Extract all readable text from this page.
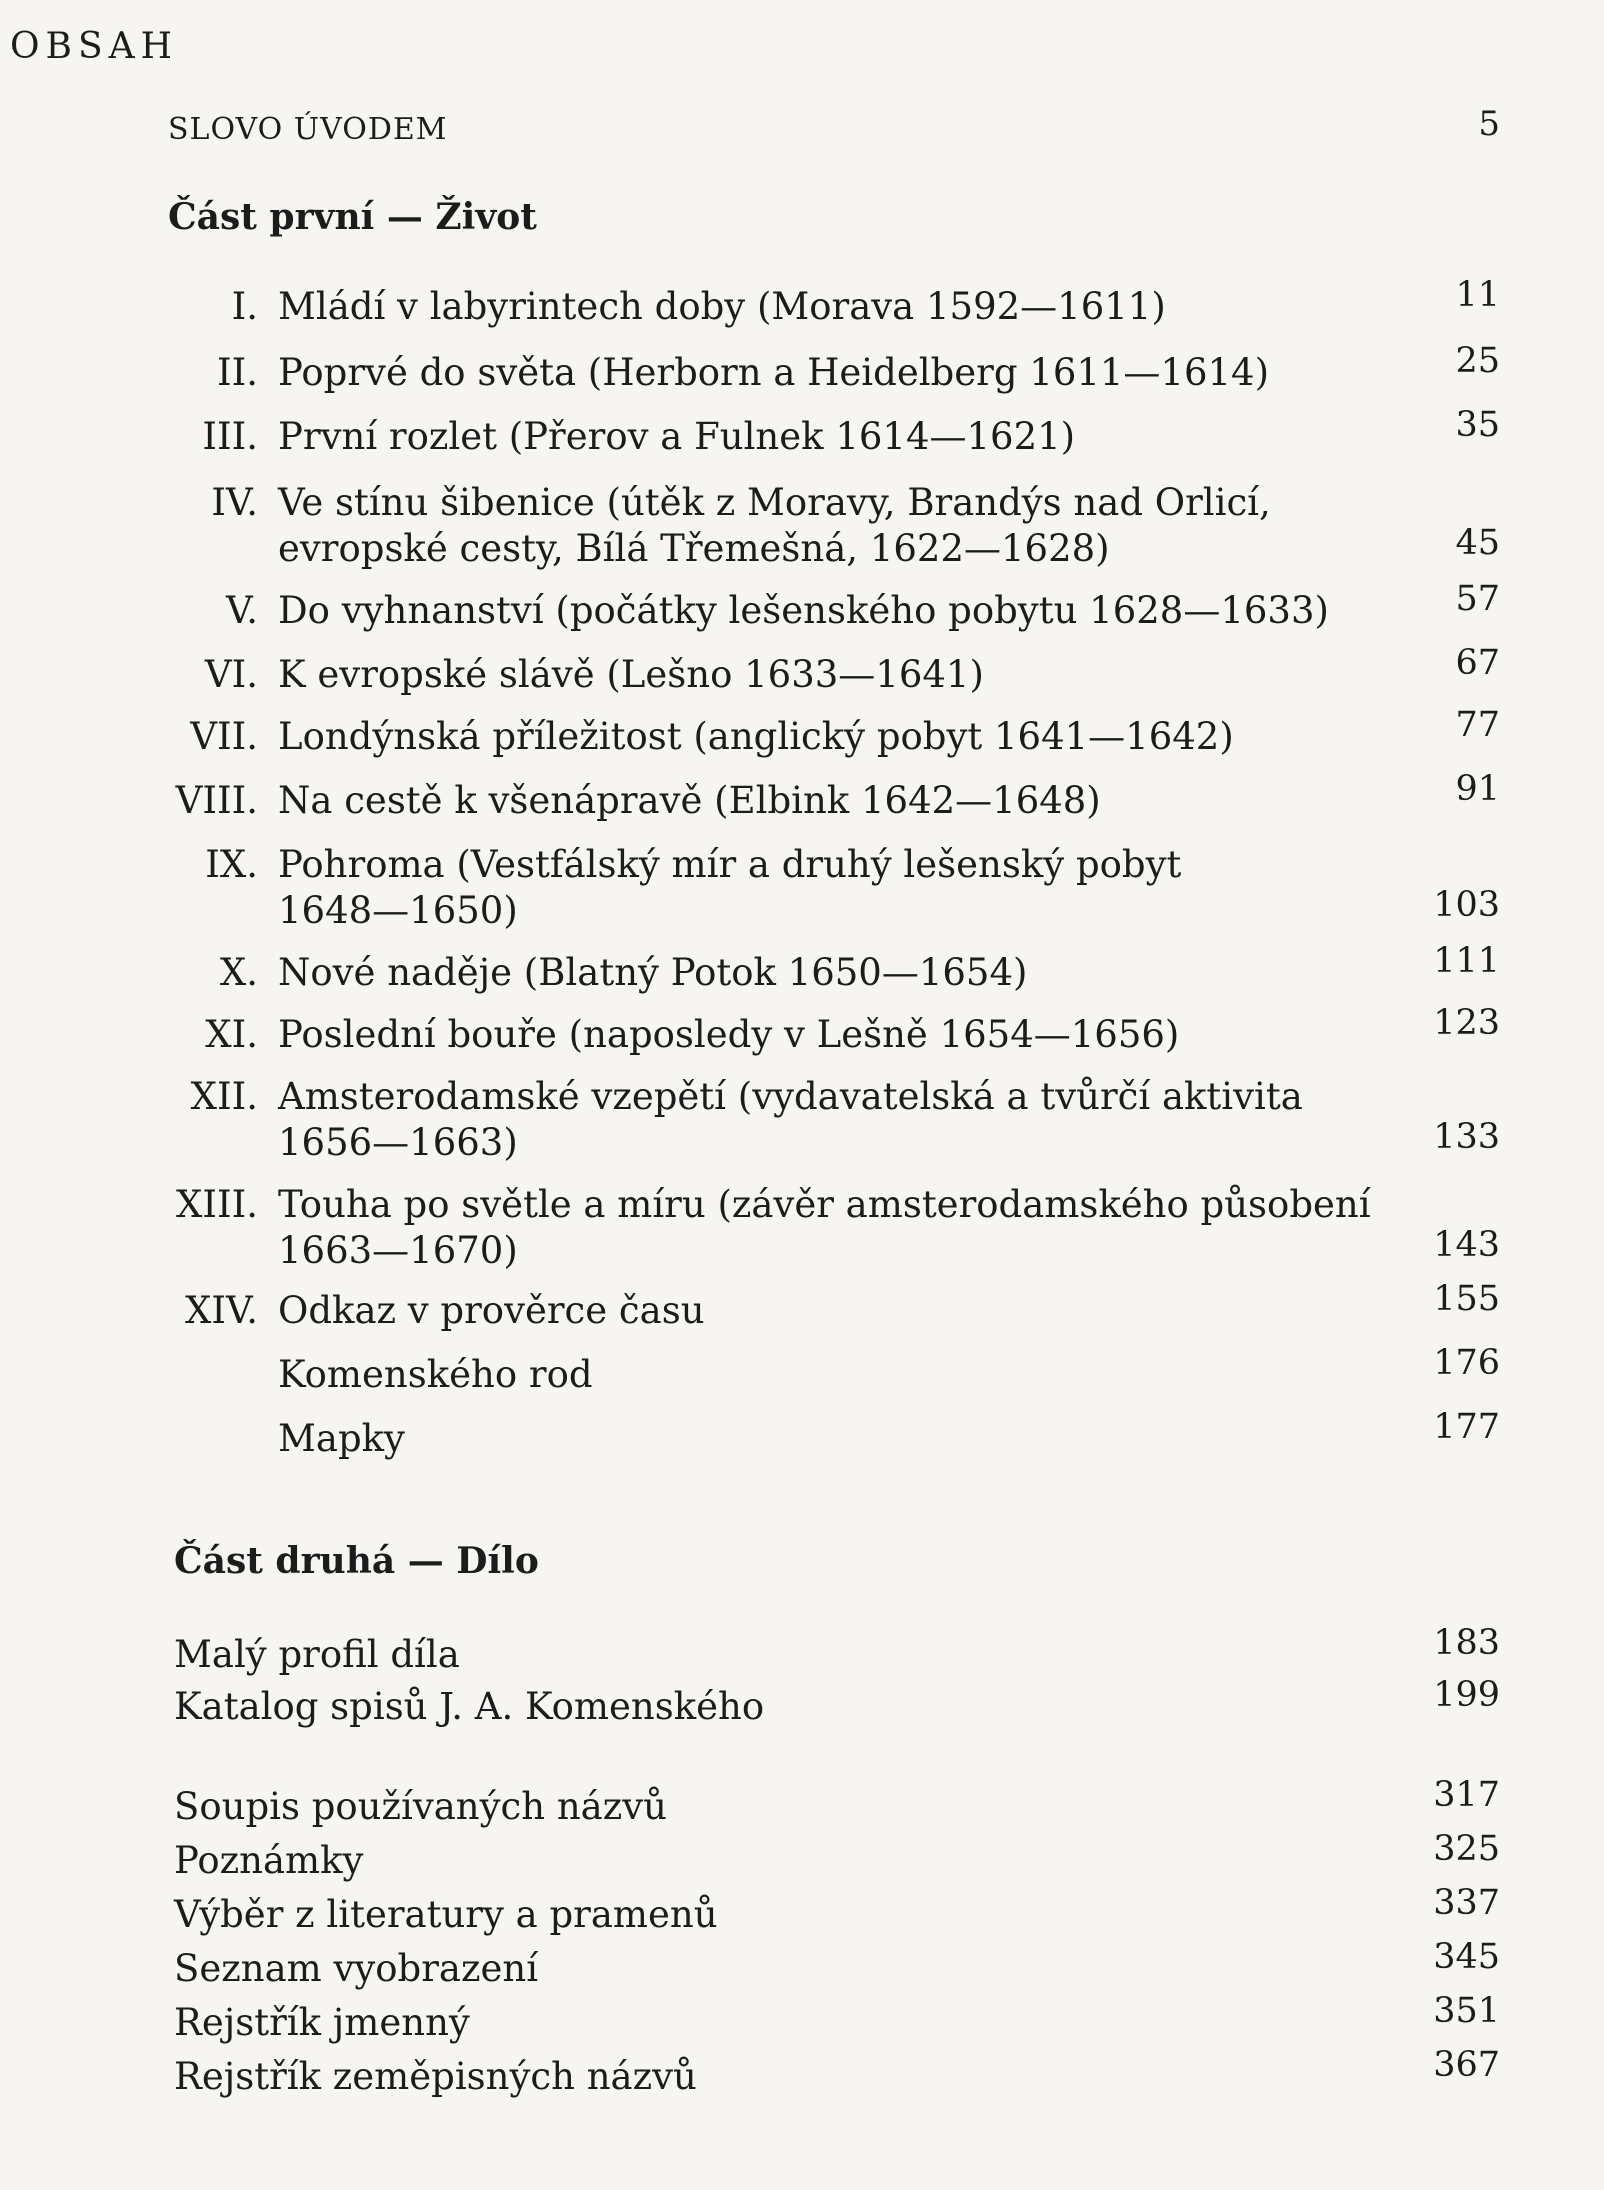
OBSAH
SLOVO ÚVODEM	5
Část první — Život
I. Mládí v labyrintech doby (Morava 1592—1611)	11
II. Poprvé do světa (Herborn a Heidelberg 1611—1614)	25
III. První rozlet (Přerov a Fulnek 1614—1621)	35
IV. Ve stínu šibenice (útěk z Moravy, Brandýs nad Orlicí,
evropské cesty, Bílá Třemešná, 1622—1628)	45
V. Do vyhnanství (počátky lešenského pobytu 1628—1633)	57
VI. K evropské slávě (Lešno 1633—1641)	67
VII. Londýnská příležitost (anglický pobyt 1641—1642)	77
VIII. Na cestě k všenápravě (Elbink 1642—1648)	91
IX. Pohroma (Vestfálský mír a druhý lešenský pobyt
1648—1650)	103
X. Nové naděje (Blatný Potok 1650—1654)	111
XI. Poslední bouře (naposledy v Lešně 1654—1656)	123
XII. Amsterodamské vzepětí (vydavatelská a tvůrčí aktivita
1656—1663)	133
XIII. Touha po světle a míru (závěr amsterodamského působení
1663—1670)	143
XIV. Odkaz v prověrce času	155
Komenského rod	176
Mapky	177
Část druhá — Dílo
Malý profil díla	183
Katalog spisů J. A. Komenského	199
Soupis používaných názvů	317
Poznámky	325
Výběr z literatury a pramenů	337
Seznam vyobrazení	345
Rejstřík jmenný	351
Rejstřík zeměpisných názvů	367
